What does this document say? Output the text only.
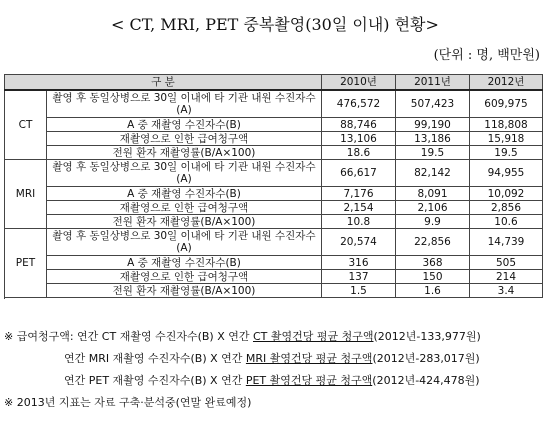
< CT, MRI, PET 중복촬영(30일 이내) 현황>
(단위 : 명, 백만원)
구 분		2010년	2011년	2012년
CT	촬영 후 동일상병으로 30일 이내에 타 기관 내원 수진자수(A)	476,572	507,423	609,975
	A 중 재촬영 수진자수(B)	88,746	99,190	118,808
	재촬영으로 인한 급여청구액	13,106	13,186	15,918
	전원 환자 재촬영률(B/A×100)	18.6	19.5	19.5

MRI	촬영 후 동일상병으로 30일 이내에 타 기관 내원 수진자수(A)	66,617	82,142	94,955
	A 중 재촬영 수진자수(B)	7,176	8,091	10,092
	재촬영으로 인한 급여청구액	2,154	2,106	2,856
	전원 환자 재촬영률(B/A×100)	10.8	9.9	10.6

PET	촬영 후 동일상병으로 30일 이내에 타 기관 내원 수진자수(A)	20,574	22,856	14,739
	A 중 재촬영 수진자수(B)	316	368	505
	재촬영으로 인한 급여청구액	137	150	214
	전원 환자 재촬영률(B/A×100)	1.5	1.6	3.4

※ 급여청구액: 연간 CT 재촬영 수진자수(B) X 연간 CT 촬영건당 평균 청구액(2012년-133,977원)
연간 MRI 재촬영 수진자수(B) X 연간 MRI 촬영건당 평균 청구액(2012년-283,017원)
연간 PET 재촬영 수진자수(B) X 연간 PET 촬영건당 평균 청구액(2012년-424,478원)
※ 2013년 지표는 자료 구축·분석중(연말 완료예정)
